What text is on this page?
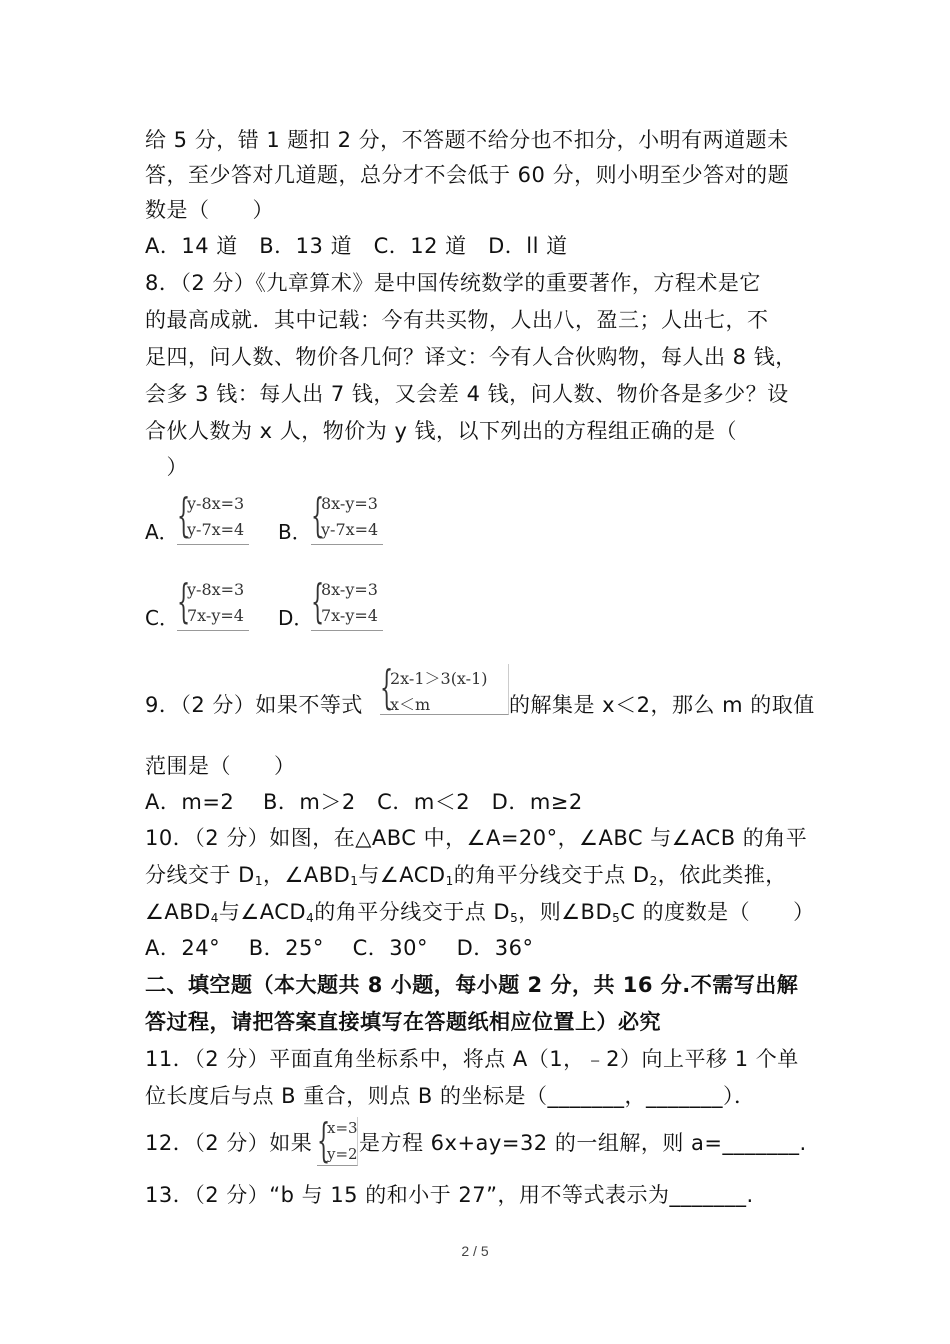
给 5 分，错 1 题扣 2 分，不答题不给分也不扣分，小明有两道题未
答，至少答对几道题，总分才不会低于 60 分，则小明至少答对的题
数是（　　）
A．14 道　B．13 道　C．12 道　D．ll 道
8．（2 分）《九章算术》是中国传统数学的重要著作，方程术是它
的最高成就．其中记载：今有共买物，人出八，盈三；人出七，不
足四，问人数、物价各几何？译文：今有人合伙购物，每人出 8 钱，
会多 3 钱：每人出 7 钱，又会差 4 钱，问人数、物价各是多少？设
合伙人数为 x 人，物价为 y 钱，以下列出的方程组正确的是（
　）
A．
{
y-8x=3
y-7x=4 B． {
8x-y=3
y-7x=4
C．
{
y-8x=3
7x-y=4 D．
{
8x-y=3
7x-y=4
9．（2 分）如果不等式 {
2x-1＞3(x-1)
x＜m	的解集是 x＜2，那么 m 的取值
范围是（　　）
A．m=2　 B．m＞2　C．m＜2　D．m≥2
10．（2 分）如图，在△ABC 中，∠A=20°，∠ABC 与∠ACB 的角平
分线交于 $D_1$，$\angle ABD_1$与$\angle ACD_1$的角平分线交于点 $D_2$，依此类推，
$\angle ABD_4$与$\angle ACD_4$的角平分线交于点 $D_5$，则$\angle BD_5C$ 的度数是（　　）
A．24°　 B．25°　 C．30°　 D．36°
二、填空题（本大题共 8 小题，每小题 2 分，共 16 分.不需写出解
答过程，请把答案直接填写在答题纸相应位置上）必究
11．（2 分）平面直角坐标系中，将点 A（1，﹣2）向上平移 1 个单
位长度后与点 B 重合，则点 B 的坐标是（_______，_______）．
12．（2 分）如果 {
x=3
y=2 是方程 6x+ay=32 的一组解，则 a=_______.
13．（2 分）“b 与 15 的和小于 27”，用不等式表示为_______.
2 / 5
